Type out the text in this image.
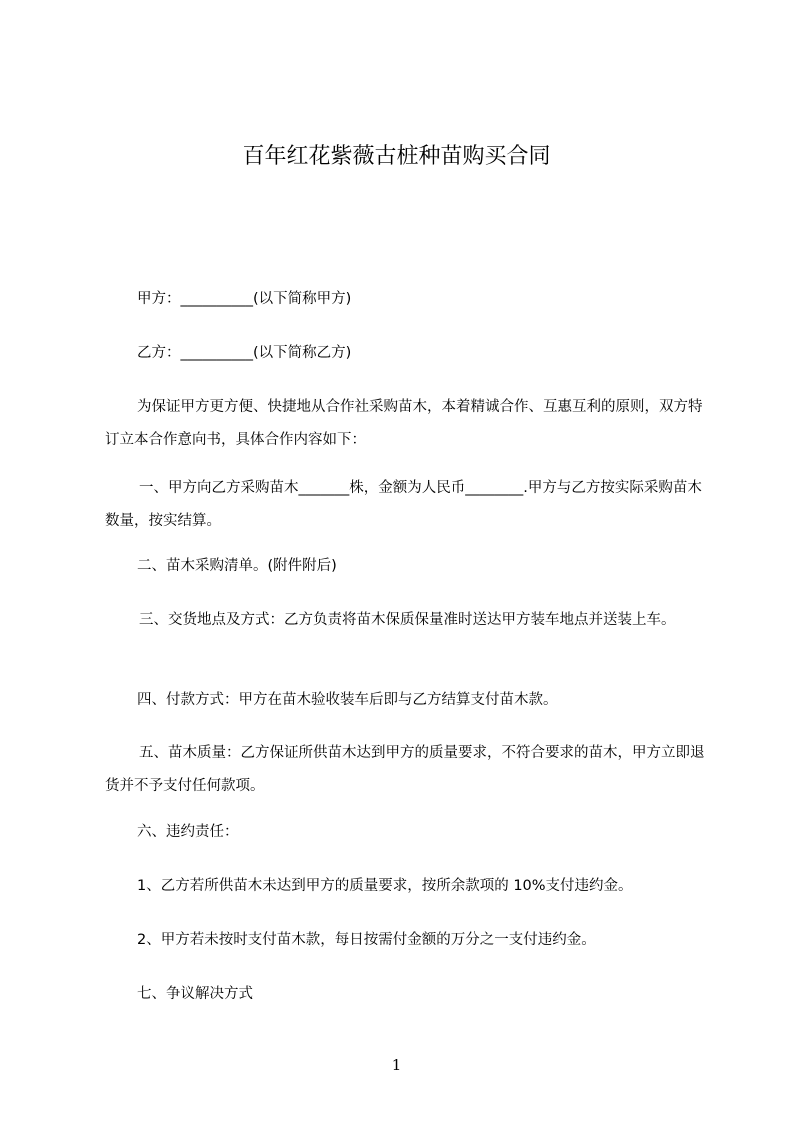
百年红花紫薇古桩种苗购买合同

甲方：__________(以下简称甲方)

乙方：__________(以下简称乙方)

为保证甲方更方便、快捷地从合作社采购苗木，本着精诚合作、互惠互利的原则，双方特订立本合作意向书，具体合作内容如下：

一、甲方向乙方采购苗木_______株，金额为人民币________.甲方与乙方按实际采购苗木数量，按实结算。

二、苗木采购清单。(附件附后)

三、交货地点及方式：乙方负责将苗木保质保量准时送达甲方装车地点并送装上车。

四、付款方式：甲方在苗木验收装车后即与乙方结算支付苗木款。

五、苗木质量：乙方保证所供苗木达到甲方的质量要求，不符合要求的苗木，甲方立即退货并不予支付任何款项。

六、违约责任：

1、乙方若所供苗木未达到甲方的质量要求，按所余款项的 10%支付违约金。

2、甲方若未按时支付苗木款，每日按需付金额的万分之一支付违约金。

七、争议解决方式

1
